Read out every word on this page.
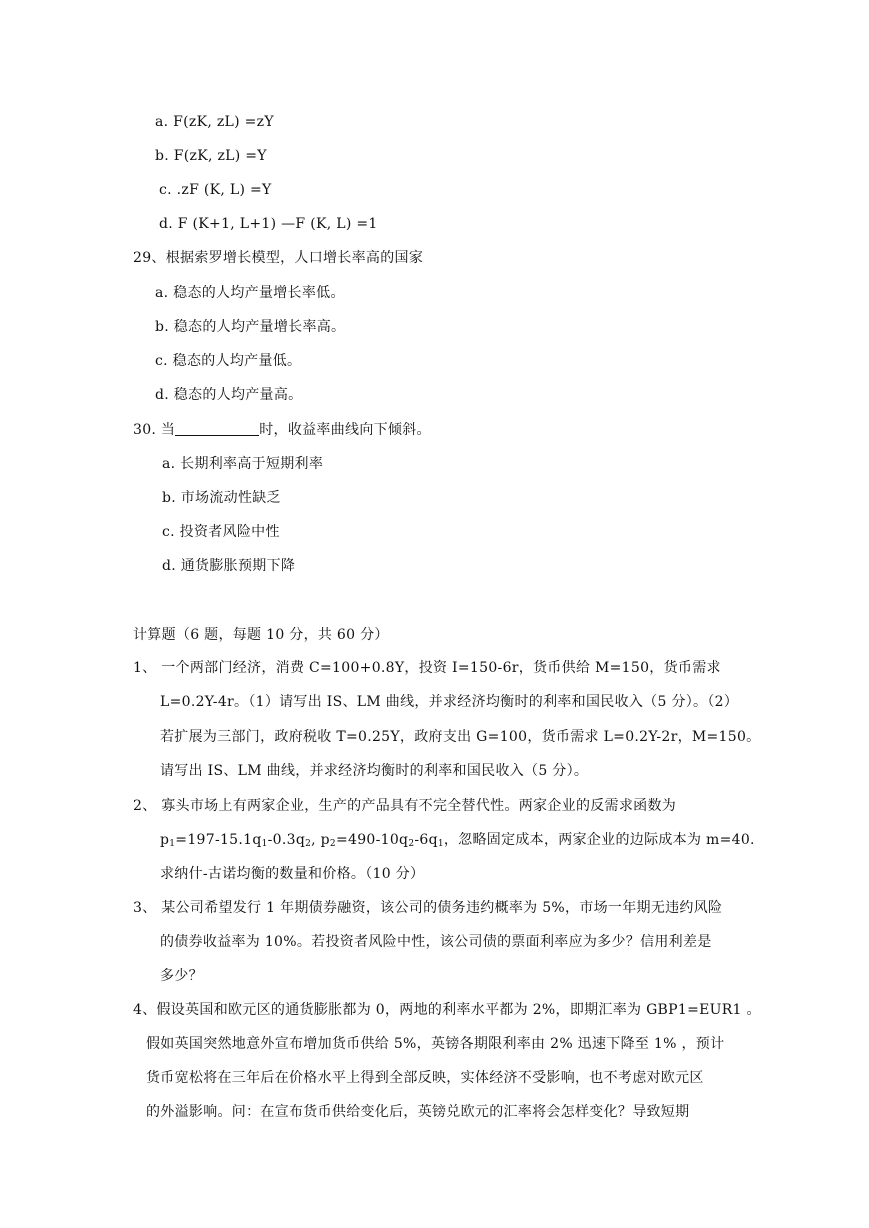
a. F(zK, zL) =zY
b. F(zK, zL) =Y
c. .zF (K, L) =Y
d. F (K+1, L+1) —F (K, L) =1
29、根据索罗增长模型，人口增长率高的国家
a. 稳态的人均产量增长率低。
b. 稳态的人均产量增长率高。
c. 稳态的人均产量低。
d. 稳态的人均产量高。
30. 当	时，收益率曲线向下倾斜。
a. 长期利率高于短期利率
b. 市场流动性缺乏
c. 投资者风险中性
d. 通货膨胀预期下降
计算题（6 题，每题 10 分，共 60 分）
1、 一个两部门经济，消费 C=100+0.8Y，投资 I=150-6r，货币供给 M=150，货币需求
L=0.2Y-4r。（1）请写出 IS、LM 曲线，并求经济均衡时的利率和国民收入（5 分）。（2）
若扩展为三部门，政府税收 T=0.25Y，政府支出 G=100，货币需求 L=0.2Y-2r，M=150。
请写出 IS、LM 曲线，并求经济均衡时的利率和国民收入（5 分）。
2、 寡头市场上有两家企业，生产的产品具有不完全替代性。两家企业的反需求函数为
$p_1=197-15.1q_1-0.3q_2$, $p_2=490-10q_2-6q_1$，忽略固定成本，两家企业的边际成本为 m=40.
求纳什-古诺均衡的数量和价格。（10 分）
3、 某公司希望发行 1 年期债券融资，该公司的债务违约概率为 5%，市场一年期无违约风险
的债券收益率为 10%。若投资者风险中性，该公司债的票面利率应为多少？信用利差是
多少？
4、假设英国和欧元区的通货膨胀都为 0，两地的利率水平都为 2%，即期汇率为 GBP1=EUR1 。
假如英国突然地意外宣布增加货币供给 5%，英镑各期限利率由 2% 迅速下降至 1% ，预计
货币宽松将在三年后在价格水平上得到全部反映，实体经济不受影响，也不考虑对欧元区
的外溢影响。问：在宣布货币供给变化后，英镑兑欧元的汇率将会怎样变化？导致短期
